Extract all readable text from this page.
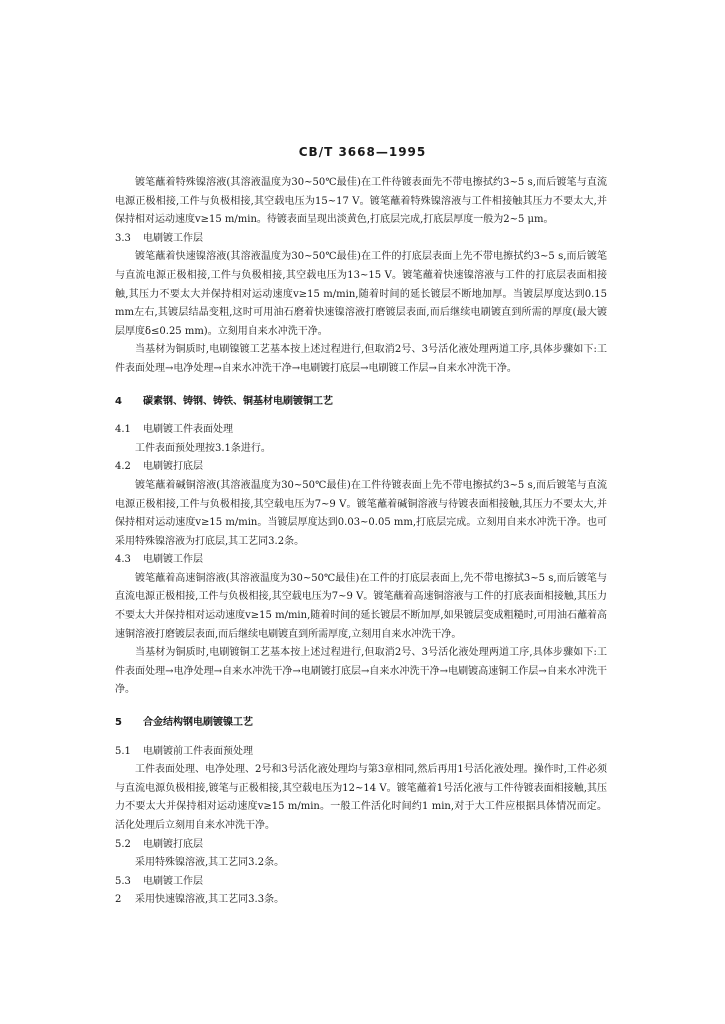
CB/T 3668—1995

镀笔蘸着特殊镍溶液(其溶液温度为30~50℃最佳)在工件待镀表面先不带电擦拭约3~5 s,而后镀笔与直流电源正极相接,工件与负极相接,其空载电压为15~17 V。镀笔蘸着特殊镍溶液与工件相接触其压力不要太大,并保持相对运动速度v≥15 m/min。待镀表面呈现出淡黄色,打底层完成,打底层厚度一般为2~5 μm。

3.3 电刷镀工作层

镀笔蘸着快速镍溶液(其溶液温度为30~50℃最佳)在工件的打底层表面上先不带电擦拭约3~5 s,而后镀笔与直流电源正极相接,工件与负极相接,其空载电压为13~15 V。镀笔蘸着快速镍溶液与工件的打底层表面相接触,其压力不要太大并保持相对运动速度v≥15 m/min,随着时间的延长镀层不断地加厚。当镀层厚度达到0.15 mm左右,其镀层结晶变粗,这时可用油石磨着快速镍溶液打磨镀层表面,而后继续电刷镀直到所需的厚度(最大镀层厚度δ≤0.25 mm)。立刻用自来水冲洗干净。

当基材为铜质时,电刷镍镀工艺基本按上述过程进行,但取消2号、3号活化液处理两道工序,具体步骤如下:工件表面处理→电净处理→自来水冲洗干净→电刷镀打底层→电刷镀工作层→自来水冲洗干净。

4 碳素钢、铸钢、铸铁、铜基材电刷镀铜工艺
4.1 电刷镀工件表面处理

工件表面预处理按3.1条进行。

4.2 电刷镀打底层

镀笔蘸着碱铜溶液(其溶液温度为30~50℃最佳)在工件待镀表面上先不带电擦拭约3~5 s,而后镀笔与直流电源正极相接,工件与负极相接,其空载电压为7~9 V。镀笔蘸着碱铜溶液与待镀表面相接触,其压力不要太大,并保持相对运动速度v≥15 m/min。当镀层厚度达到0.03~0.05 mm,打底层完成。立刻用自来水冲洗干净。也可采用特殊镍溶液为打底层,其工艺同3.2条。

4.3 电刷镀工作层

镀笔蘸着高速铜溶液(其溶液温度为30~50℃最佳)在工件的打底层表面上,先不带电擦拭3~5 s,而后镀笔与直流电源正极相接,工件与负极相接,其空载电压为7~9 V。镀笔蘸着高速铜溶液与工件的打底表面相接触,其压力不要太大并保持相对运动速度v≥15 m/min,随着时间的延长镀层不断加厚,如果镀层变成粗糙时,可用油石蘸着高速铜溶液打磨镀层表面,而后继续电刷镀直到所需厚度,立刻用自来水冲洗干净。

当基材为铜质时,电刷镀铜工艺基本按上述过程进行,但取消2号、3号活化液处理两道工序,具体步骤如下:工件表面处理→电净处理→自来水冲洗干净→电刷镀打底层→自来水冲洗干净→电刷镀高速铜工作层→自来水冲洗干净。

5 合金结构钢电刷镀镍工艺
5.1 电刷镀前工件表面预处理

工件表面处理、电净处理、2号和3号活化液处理均与第3章相同,然后再用1号活化液处理。操作时,工件必须与直流电源负极相接,镀笔与正极相接,其空载电压为12~14 V。镀笔蘸着1号活化液与工件待镀表面相接触,其压力不要太大并保持相对运动速度v≥15 m/min。一般工件活化时间约1 min,对于大工件应根据具体情况而定。活化处理后立刻用自来水冲洗干净。

5.2 电刷镀打底层

采用特殊镍溶液,其工艺同3.2条。

5.3 电刷镀工作层

采用快速镍溶液,其工艺同3.3条。

2
